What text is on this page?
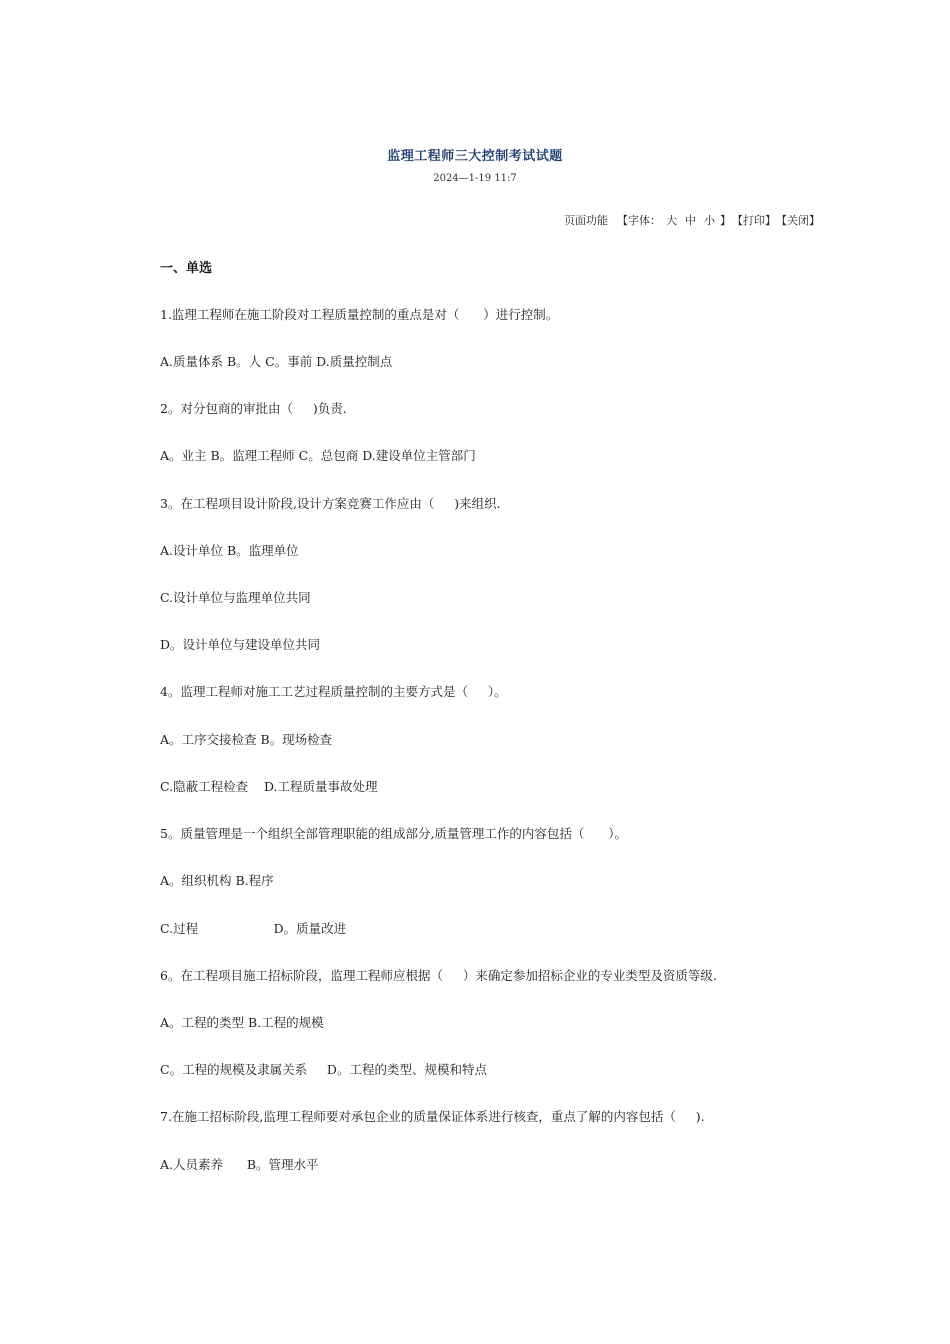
监理工程师三大控制考试试题
2024—1-19 11:7
页面功能 【字体： 大 中 小 】【打印】【关闭】
一、单选
1.监理工程师在施工阶段对工程质量控制的重点是对（      ）进行控制。
A.质量体系 B。人 C。事前 D.质量控制点
2。对分包商的审批由（     )负责.
A。业主 B。监理工程师 C。总包商 D.建设单位主管部门
3。在工程项目设计阶段,设计方案竞赛工作应由（     )来组织.
A.设计单位 B。监理单位
C.设计单位与监理单位共同
D。设计单位与建设单位共同
4。监理工程师对施工工艺过程质量控制的主要方式是（     ）。
A。工序交接检查 B。现场检查
C.隐蔽工程检查    D.工程质量事故处理
5。质量管理是一个组织全部管理职能的组成部分,质量管理工作的内容包括（      ）。
A。组织机构 B.程序
C.过程                   D。质量改进
6。在工程项目施工招标阶段，监理工程师应根据（     ）来确定参加招标企业的专业类型及资质等级.
A。工程的类型 B.工程的规模
C。工程的规模及隶属关系     D。工程的类型、规模和特点
7.在施工招标阶段,监理工程师要对承包企业的质量保证体系进行核查，重点了解的内容包括（     ).
A.人员素养      B。管理水平
